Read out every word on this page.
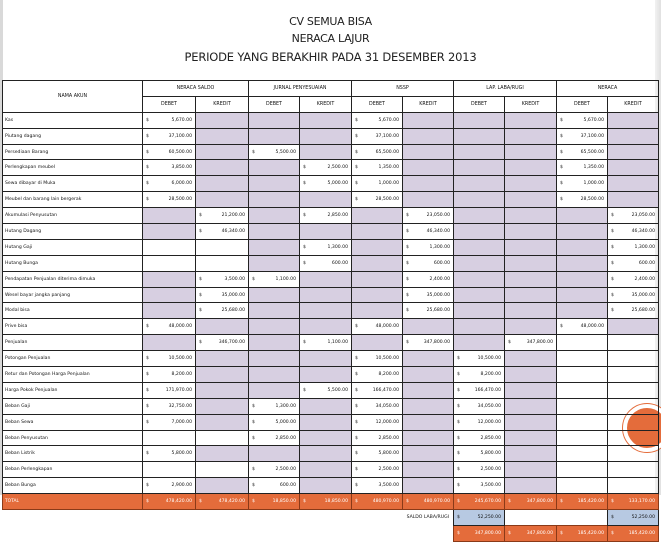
CV SEMUA BISA
NERACA LAJUR
PERIODE YANG BERAKHIR PADA 31 DESEMBER 2013
NAMA AKUN	NERACA SALDO		JURNAL PENYESUAIAN		NSSP		LAP. LABA/RUGI		NERACA	
	DEBET	KREDIT	DEBET	KREDIT	DEBET	KREDIT	DEBET	KREDIT	DEBET	KREDIT
Kas	$ 5,670.00				$ 5,670.00				$ 5,670.00	
Piutang dagang	$ 37,100.00				$ 37,100.00				$ 37,100.00	
Persediaan Barang	$ 60,500.00		$ 5,500.00		$ 65,500.00				$ 65,500.00	
Perlengkapan meubel	$ 3,850.00			$ 2,500.00	$ 1,350.00				$ 1,350.00	
Sewa dibayar di Muka	$ 6,000.00			$ 5,000.00	$ 1,000.00				$ 1,000.00	
Meubel dan barang lain bergerak	$ 28,500.00				$ 28,500.00				$ 28,500.00	
Akumulasi Penyusutan		$ 21,200.00		$ 2,850.00		$ 23,050.00				$ 23,050.00
Hutang Dagang		$ 46,340.00				$ 46,340.00				$ 46,340.00
Hutang Gaji				$ 1,300.00		$ 1,300.00				$ 1,300.00
Hutang Bunga				$ 600.00		$ 600.00				$ 600.00
Pendapatan Penjualan diterima dimuka		$ 3,500.00	$ 1,100.00			$ 2,400.00				$ 2,400.00
Wesel bayar jangka panjang		$ 35,000.00				$ 35,000.00				$ 35,000.00
Modal bisa		$ 25,680.00				$ 25,680.00				$ 25,680.00
Prive bisa	$ 48,000.00				$ 48,000.00				$ 48,000.00	
Penjualan		$ 346,700.00		$ 1,100.00		$ 347,800.00		$ 347,800.00		
Potongan Penjualan	$ 10,500.00				$ 10,500.00		$ 10,500.00			
Retur dan Potongan Harga Penjualan	$ 8,200.00				$ 8,200.00		$ 8,200.00			
Harga Pokok Penjualan	$ 171,970.00			$ 5,500.00	$ 166,470.00		$ 166,470.00			
Beban Gaji	$ 32,750.00		$ 1,300.00		$ 34,050.00		$ 34,050.00			
Beban Sewa	$ 7,000.00		$ 5,000.00		$ 12,000.00		$ 12,000.00			
Beban Penyusutan			$ 2,850.00		$ 2,850.00		$ 2,850.00			
Beban Listrik	$ 5,800.00				$ 5,800.00		$ 5,800.00			
Beban Perlengkapan			$ 2,500.00		$ 2,500.00		$ 2,500.00			
Beban Bunga	$ 2,900.00		$ 600.00		$ 3,500.00		$ 3,500.00			
TOTAL	$ 478,420.00	$ 478,420.00	$ 18,850.00	$ 18,850.00	$ 480,970.00	$ 480,970.00	$ 245,670.00	$ 347,800.00	$ 185,420.00	$ 133,170.00
SALDO LABA/RUGI							$ 52,250.00			$ 52,250.00

							$ 347,800.00	$ 347,800.00	$ 185,420.00	$ 185,420.00
